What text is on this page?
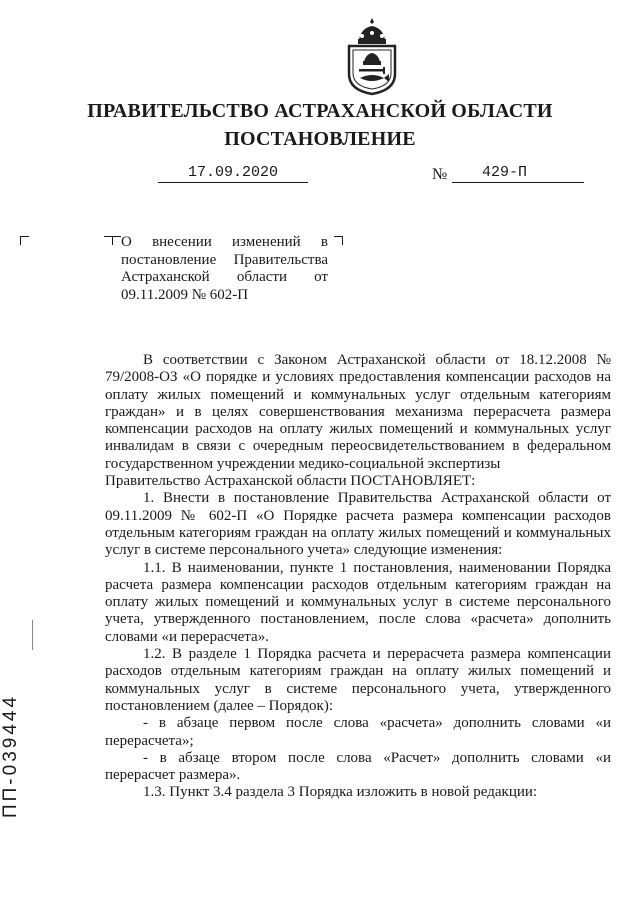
ПРАВИТЕЛЬСТВО АСТРАХАНСКОЙ ОБЛАСТИ
ПОСТАНОВЛЕНИЕ
17.09.2020	№	429-П
О внесении изменений в постановление Правительства Астраханской области от 09.11.2009 № 602-П

В соответствии с Законом Астраханской области от 18.12.2008 № 79/2008-ОЗ «О порядке и условиях предоставления компенсации расходов на оплату жилых помещений и коммунальных услуг отдельным категориям граждан» и в целях совершенствования механизма перерасчета размера компенсации расходов на оплату жилых помещений и коммунальных услуг инвалидам в связи с очередным переосвидетельствованием в федеральном государственном учреждении медико-социальной экспертизы

Правительство Астраханской области ПОСТАНОВЛЯЕТ:

1. Внести в постановление Правительства Астраханской области от 09.11.2009 № 602-П «О Порядке расчета размера компенсации расходов отдельным категориям граждан на оплату жилых помещений и коммунальных услуг в системе персонального учета» следующие изменения:

1.1. В наименовании, пункте 1 постановления, наименовании Порядка расчета размера компенсации расходов отдельным категориям граждан на оплату жилых помещений и коммунальных услуг в системе персонального учета, утвержденного постановлением, после слова «расчета» дополнить словами «и перерасчета».

1.2. В разделе 1 Порядка расчета и перерасчета размера компенсации расходов отдельным категориям граждан на оплату жилых помещений и коммунальных услуг в системе персонального учета, утвержденного постановлением (далее – Порядок):

- в абзаце первом после слова «расчета» дополнить словами «и перерасчета»;

- в абзаце втором после слова «Расчет» дополнить словами «и перерасчет размера».

1.3. Пункт 3.4 раздела 3 Порядка изложить в новой редакции:

ПП-039444
